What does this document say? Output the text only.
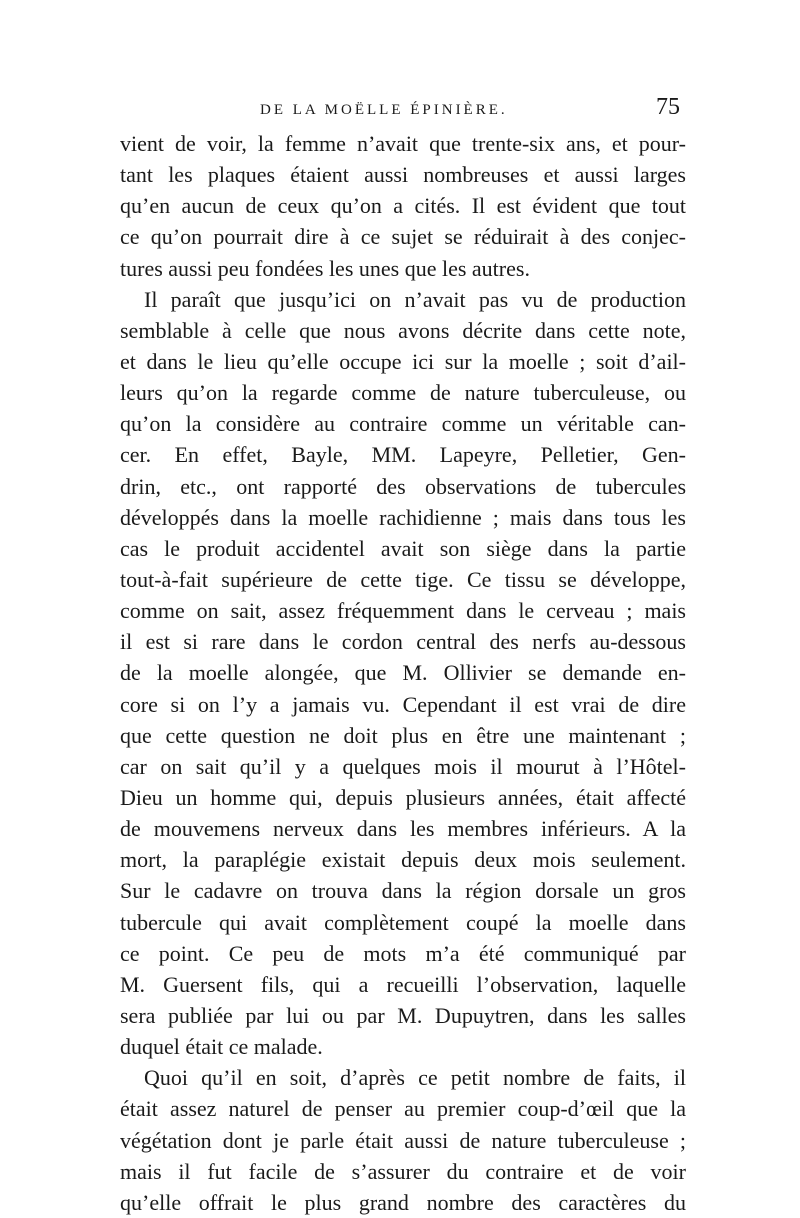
DE LA MOËLLE ÉPINIÈRE.	75
vient de voir, la femme n’avait que trente-six ans, et pour-
tant les plaques étaient aussi nombreuses et aussi larges
qu’en aucun de ceux qu’on a cités. Il est évident que tout
ce qu’on pourrait dire à ce sujet se réduirait à des conjec-
tures aussi peu fondées les unes que les autres.
Il paraît que jusqu’ici on n’avait pas vu de production
semblable à celle que nous avons décrite dans cette note,
et dans le lieu qu’elle occupe ici sur la moelle ; soit d’ail-
leurs qu’on la regarde comme de nature tuberculeuse, ou
qu’on la considère au contraire comme un véritable can-
cer. En effet, Bayle, MM. Lapeyre, Pelletier, Gen-
drin, etc., ont rapporté des observations de tubercules
développés dans la moelle rachidienne ; mais dans tous les
cas le produit accidentel avait son siège dans la partie
tout-à-fait supérieure de cette tige. Ce tissu se développe,
comme on sait, assez fréquemment dans le cerveau ; mais
il est si rare dans le cordon central des nerfs au-dessous
de la moelle alongée, que M. Ollivier se demande en-
core si on l’y a jamais vu. Cependant il est vrai de dire
que cette question ne doit plus en être une maintenant ;
car on sait qu’il y a quelques mois il mourut à l’Hôtel-
Dieu un homme qui, depuis plusieurs années, était affecté
de mouvemens nerveux dans les membres inférieurs. A la
mort, la paraplégie existait depuis deux mois seulement.
Sur le cadavre on trouva dans la région dorsale un gros
tubercule qui avait complètement coupé la moelle dans
ce point. Ce peu de mots m’a été communiqué par
M. Guersent fils, qui a recueilli l’observation, laquelle
sera publiée par lui ou par M. Dupuytren, dans les salles
duquel était ce malade.
Quoi qu’il en soit, d’après ce petit nombre de faits, il
était assez naturel de penser au premier coup-d’œil que la
végétation dont je parle était aussi de nature tuberculeuse ;
mais il fut facile de s’assurer du contraire et de voir
qu’elle offrait le plus grand nombre des caractères du
